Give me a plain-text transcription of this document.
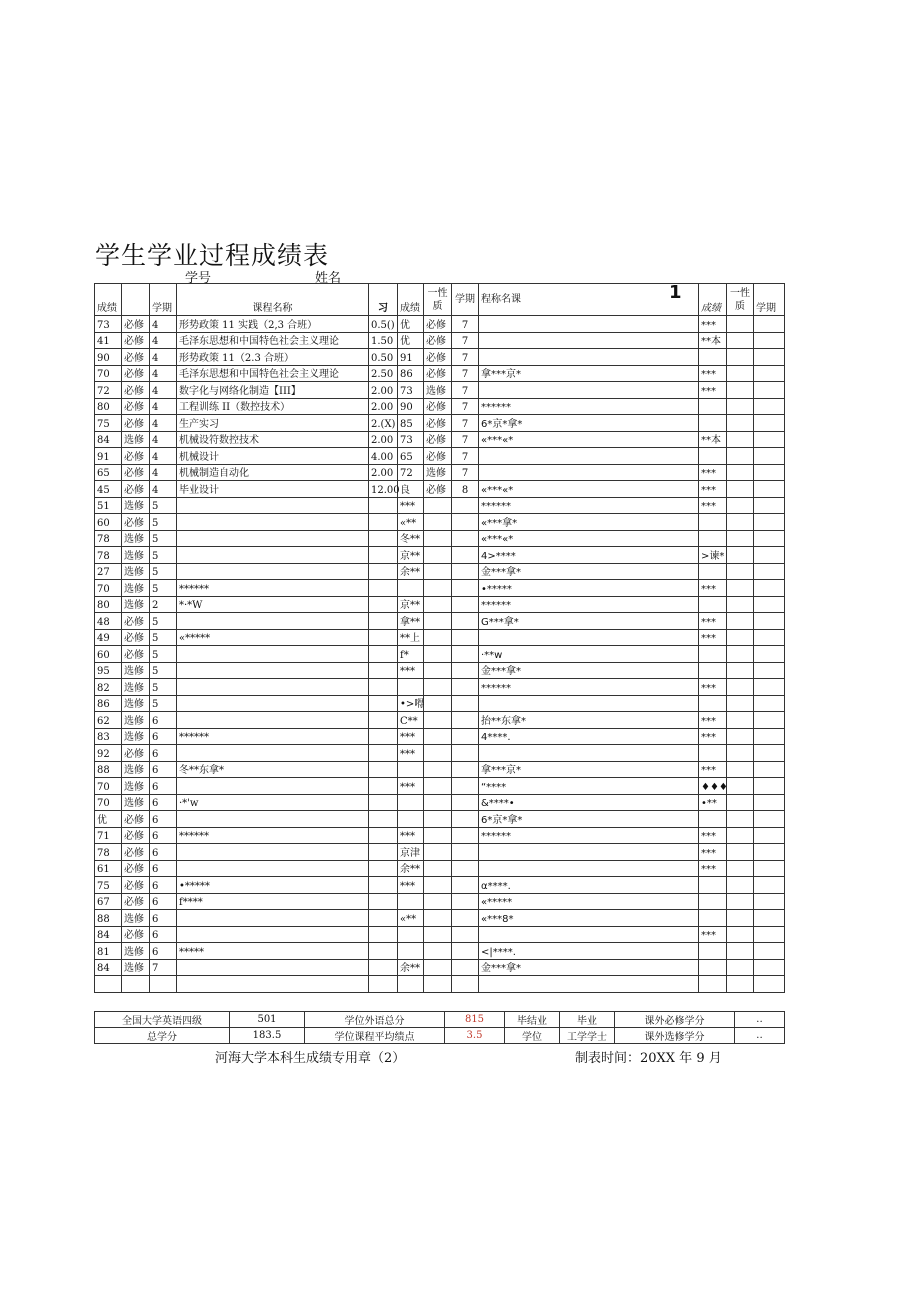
学生学业过程成绩表
学号	姓名
成绩		学期	课程名称	习	成绩	一性质	学期	程称名课	1
成绩	一性质	学期
73	必修	4	形势政策 11 实践（2,3 合班）	0.5()	优	必修	7		***		
41	必修	4	毛泽东思想和中国特色社会主义理论	1.50	优	必修	7		**本		
90	必修	4	形势政策 11（2.3 合班）	0.50	91	必修	7				
70	必修	4	毛泽东思想和中国特色社会主义理论	2.50	86	必修	7	拿***京*	***		
72	必修	4	数字化与网络化制造【III】	2.00	73	选修	7		***		
80	必修	4	工程训练 II（数控技术）	2.00	90	必修	7	******			
75	必修	4	生产实习	2.(X)	85	必修	7	6*京*拿*			
84	选修	4	机械设符数控技术	2.00	73	必修	7	«***«*	**本		
91	必修	4	机械设计	4.00	65	必修	7				
65	必修	4	机械制造自动化	2.00	72	选修	7		***		
45	必修	4	毕业设计	12.00	良	必修	8	«***«*	***		
51	选修	5			***			******	***		
60	必修	5			«**			«***拿*			
78	选修	5			冬**			«***«*			
78	选修	5			京**			4>****	>谏*		
27	选修	5			余**			金***拿*			
70	选修	5	******					•*****	***		
80	选修	2	*·*W		京**			******			
48	必修	5			拿**			G***拿*	***		
49	必修	5	«*****		**上				***		
60	必修	5			f*			·**w			
95	选修	5			***			金***拿*			
82	选修	5						******	***		
86	选修	5			•>嘚						
62	选修	6			C**			抬**东拿*	***		
83	选修	6	******		***			4****.	***		
92	必修	6			***						
88	选修	6	冬**东拿*					拿***京*	***		
70	选修	6			***			“****	♦♦♦		
70	选修	6	·*'w					&****•	•**		
优	必修	6						6*京*拿*			
71	必修	6	******		***			******	***		
78	必修	6			京津				***		
61	必修	6			余**				***		
75	必修	6	•*****		***			α****.			
67	必修	6	f****					«*****			
88	选修	6			«**			«***8*			
84	必修	6							***		
81	选修	6	*****					<|****.			
84	选修	7			余**			金***拿*			

全国大学英语四级	501	学位外语总分	815	毕结业	毕业	课外必修学分	‥
总学分	183.5	学位课程平均绩点	3.5	学位	工学学士	课外选修学分	‥
河海大学本科生成绩专用章（2）	制表时间：20XX 年 9 月
